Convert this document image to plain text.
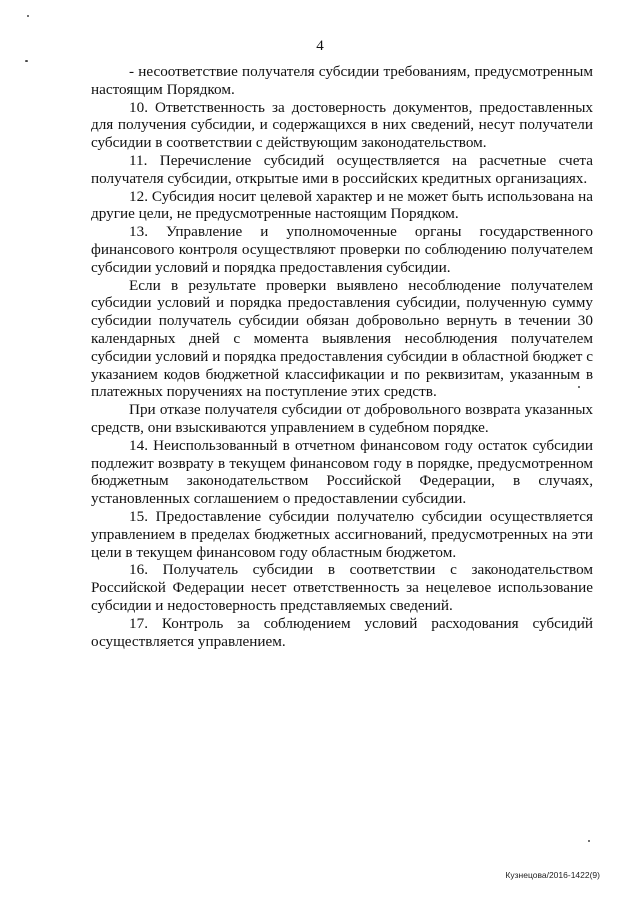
4

- несоответствие получателя субсидии требованиям, предусмотренным настоящим Порядком.

10. Ответственность за достоверность документов, предоставленных для получения субсидии, и содержащихся в них сведений, несут получатели субсидии в соответствии с действующим законодательством.

11. Перечисление субсидий осуществляется на расчетные счета получателя субсидии, открытые ими в российских кредитных организациях.

12. Субсидия носит целевой характер и не может быть использована на другие цели, не предусмотренные настоящим Порядком.

13. Управление и уполномоченные органы государственного финансового контроля осуществляют проверки по соблюдению получателем субсидии условий и порядка предоставления субсидии.

Если в результате проверки выявлено несоблюдение получателем субсидии условий и порядка предоставления субсидии, полученную сумму субсидии получатель субсидии обязан добровольно вернуть в течении 30 календарных дней с момента выявления несоблюдения получателем субсидии условий и порядка предоставления субсидии в областной бюджет с указанием кодов бюджетной классификации и по реквизитам, указанным в платежных поручениях на поступление этих средств.

При отказе получателя субсидии от добровольного возврата указанных средств, они взыскиваются управлением в судебном порядке.

14. Неиспользованный в отчетном финансовом году остаток субсидии подлежит возврату в текущем финансовом году в порядке, предусмотренном бюджетным законодательством Российской Федерации, в случаях, установленных соглашением о предоставлении субсидии.

15. Предоставление субсидии получателю субсидии осуществляется управлением в пределах бюджетных ассигнований, предусмотренных на эти цели в текущем финансовом году областным бюджетом.

16. Получатель субсидии в соответствии с законодательством Российской Федерации несет ответственность за нецелевое использование субсидии и недостоверность представляемых сведений.

17. Контроль за соблюдением условий расходования субсидий осуществляется управлением.

Кузнецова/2016-1422(9)
